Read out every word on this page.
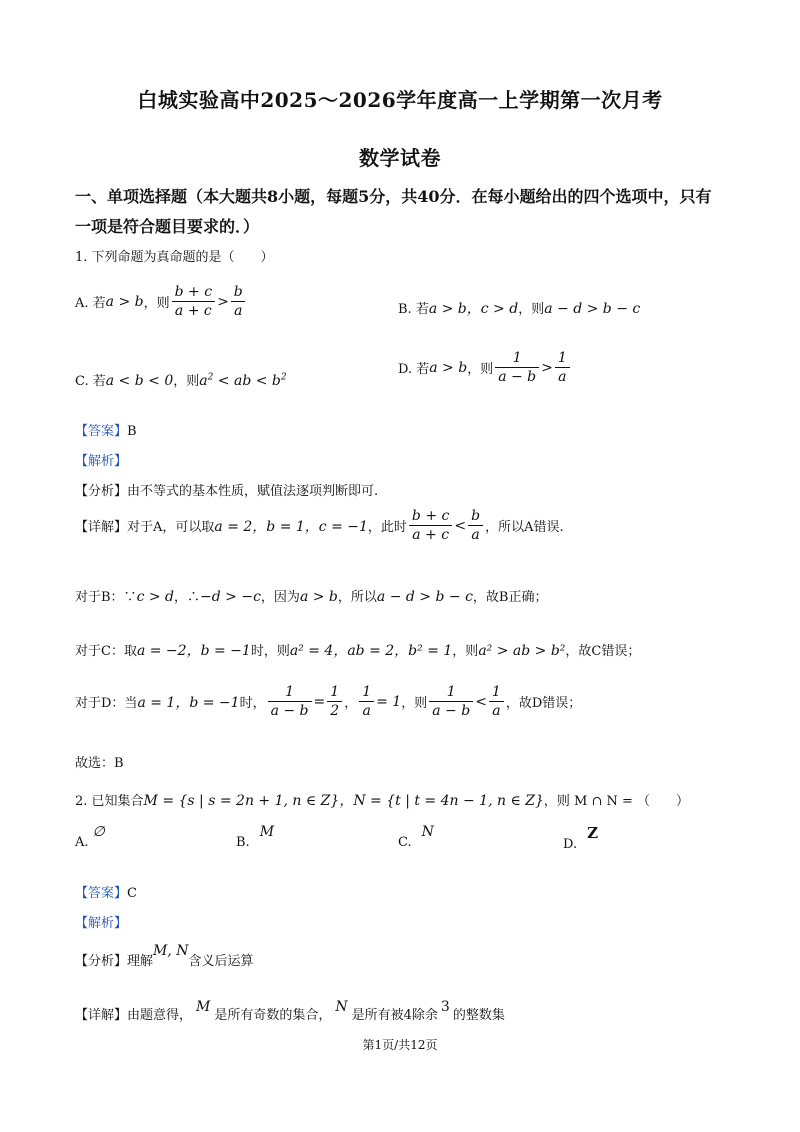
白城实验高中2025～2026学年度高一上学期第一次月考
数学试卷
一、单项选择题（本大题共8小题，每题5分，共40分．在每小题给出的四个选项中，只有
一项是符合题目要求的．）
1. 下列命题为真命题的是（　　）
A. 若 a > b ，则 $\frac{b + c}{a + c} > \frac{b}{a}$	B. 若a > b，c > d，则a − d > b − c
C. 若a < b < 0，则$a^2$ < ab < $b^2$
D. 若 a > b ，则 $\frac{1}{a - b} > \frac{1}{a}$
【答案】B
【解析】
【分析】由不等式的基本性质，赋值法逐项判断即可.
【详解】 对于A，可以取 a = 2，b = 1，c = −1 ，此时 $\frac{b + c}{a + c} < \frac{b}{a}$ ，所以A错误.
对于B：∵c > d，∴−d > −c，因为a > b，所以a − d > b − c，故B正确；
对于C：取a = −2，b = −1时，则a² = 4，ab = 2，b² = 1，则a² > ab > b²，故C错误；
对于D：当 a = 1，b = −1 时， $\frac{1}{a - b} = \frac{1}{2}$ ， $\frac{1}{a} = 1$ ，则 $\frac{1}{a - b} < \frac{1}{a}$ ，故D错误；
故选：B
2. 已知集合M = {s | s = 2n + 1, n ∈ Z}，N = {t | t = 4n − 1, n ∈ Z}，则 M ∩ N = （　　）
A.∅
B.M
C.N
D.Z
【答案】C
【解析】
【分析】理解M, N含义后运算
【详解】由题意得，M是所有奇数的集合，N是所有被4除余3的整数集
第1页/共12页
